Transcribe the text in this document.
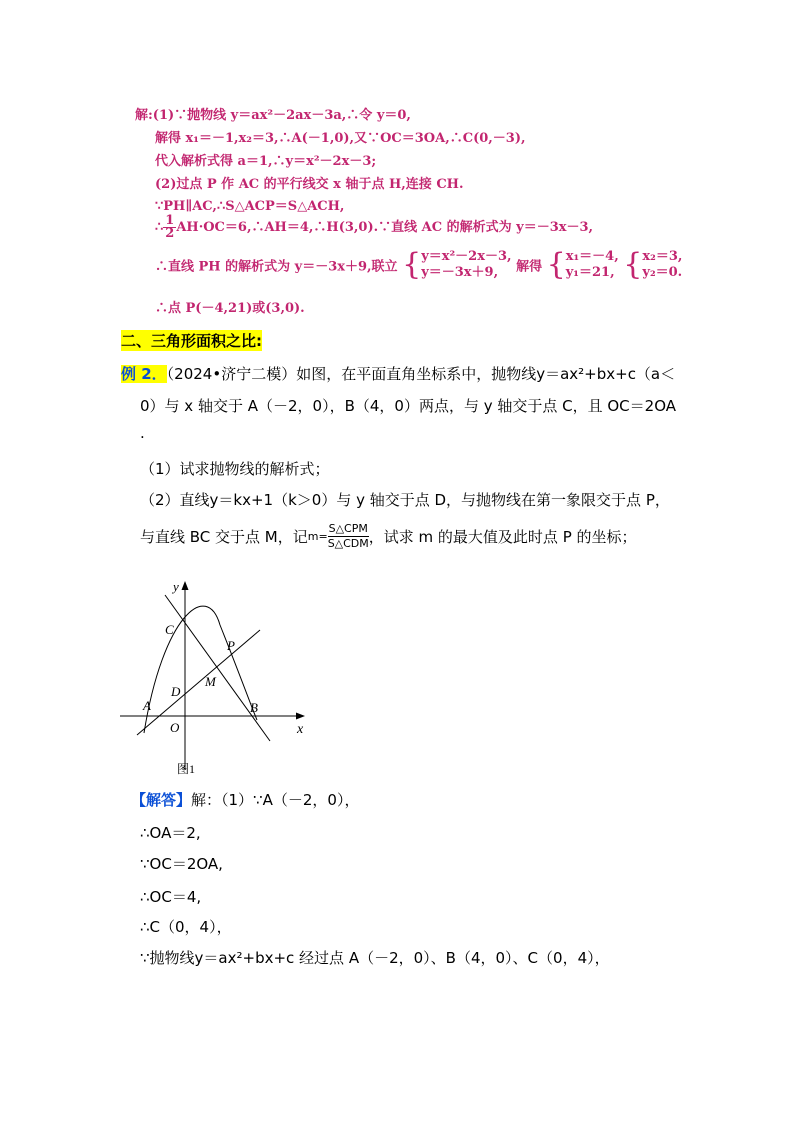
解:(1)∵抛物线 y＝ax²－2ax－3a,∴令 y＝0,
解得 x₁＝－1,x₂＝3,∴A(－1,0),又∵OC＝3OA,∴C(0,－3),
代入解析式得 a＝1,∴y＝x²－2x－3;
(2)过点 P 作 AC 的平行线交 x 轴于点 H,连接 CH.
∵PH∥AC,∴S△ACP＝S△ACH,
∴ $\frac{1}{2}$ AH·OC＝6,∴AH＝4,∴H(3,0).∵直线 AC 的解析式为 y＝－3x－3,
∴直线 PH 的解析式为 y＝－3x＋9,联立 { y＝x²－2x－3,
y＝－3x＋9,	解得 { x₁＝－4,
y₁＝21, { x₂＝3,
y₂＝0.
∴点 P(－4,21)或(3,0).
二、三角形面积之比:
例 2．（2024•济宁二模）如图，在平面直角坐标系中，抛物线y＝ax²+bx+c（a＜
0）与 x 轴交于 A（－2，0），B（4，0）两点，与 y 轴交于点 C，且 OC＝2OA
.
（1）试求抛物线的解析式；
（2）直线y＝kx+1（k＞0）与 y 轴交于点 D，与抛物线在第一象限交于点 P，
与直线 BC 交于点 M，记m=
S△CPM
S△CDM ，试求 m 的最大值及此时点 P 的坐标；
y
x
C
P
M
D
A
O
B
图1
【解答】解：（1）∵A（－2，0），
∴OA＝2,
∵OC＝2OA,
∴OC＝4,
∴C（0，4），
∵抛物线y＝ax²+bx+c 经过点 A（－2，0）、B（4，0）、C（0，4），
